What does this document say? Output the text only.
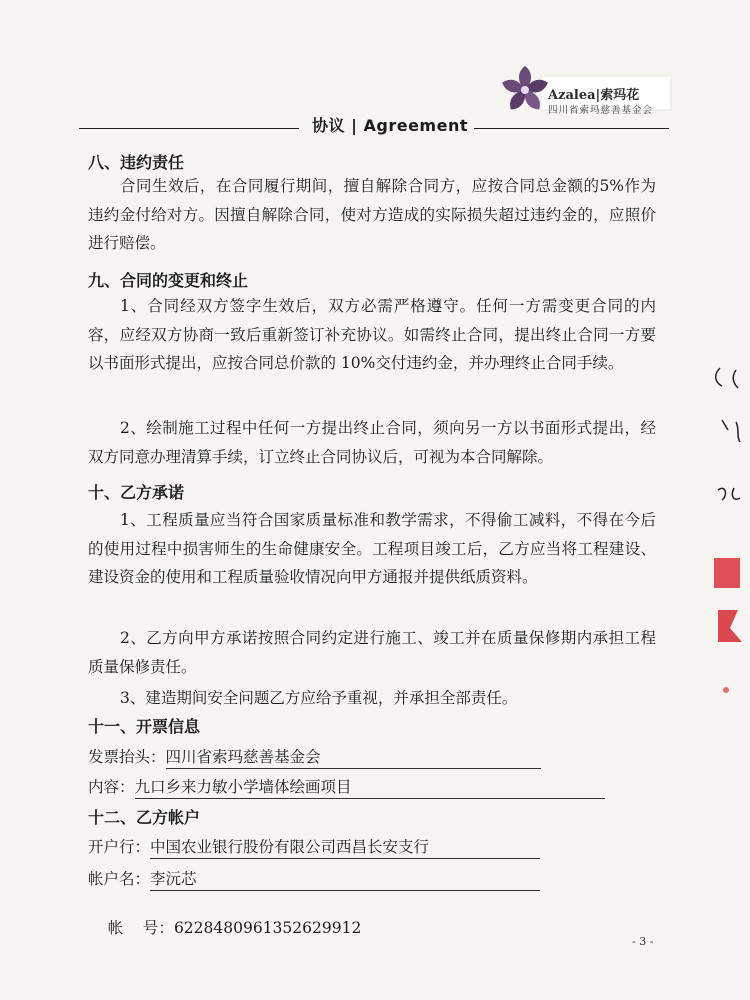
Azalea|索玛花
四川省索玛慈善基金会
协议 | Agreement
八、违约责任
合同生效后，在合同履行期间，擅自解除合同方，应按合同总金额的5%作为违约金付给对方。因擅自解除合同，使对方造成的实际损失超过违约金的，应照价进行赔偿。
九、合同的变更和终止
1、合同经双方签字生效后，双方必需严格遵守。任何一方需变更合同的内容，应经双方协商一致后重新签订补充协议。如需终止合同，提出终止合同一方要以书面形式提出，应按合同总价款的 10%交付违约金，并办理终止合同手续。
2、绘制施工过程中任何一方提出终止合同，须向另一方以书面形式提出，经双方同意办理清算手续，订立终止合同协议后，可视为本合同解除。
十、乙方承诺
1、工程质量应当符合国家质量标准和教学需求，不得偷工减料，不得在今后的使用过程中损害师生的生命健康安全。工程项目竣工后，乙方应当将工程建设、建设资金的使用和工程质量验收情况向甲方通报并提供纸质资料。
2、乙方向甲方承诺按照合同约定进行施工、竣工并在质量保修期内承担工程质量保修责任。
3、建造期间安全问题乙方应给予重视，并承担全部责任。
十一、开票信息
发票抬头：四川省索玛慈善基金会
内容：九口乡来力敏小学墙体绘画项目
十二、乙方帐户
开户行：中国农业银行股份有限公司西昌长安支行
帐户名：李沅芯

帐    号：6228480961352629912

- 3 -
